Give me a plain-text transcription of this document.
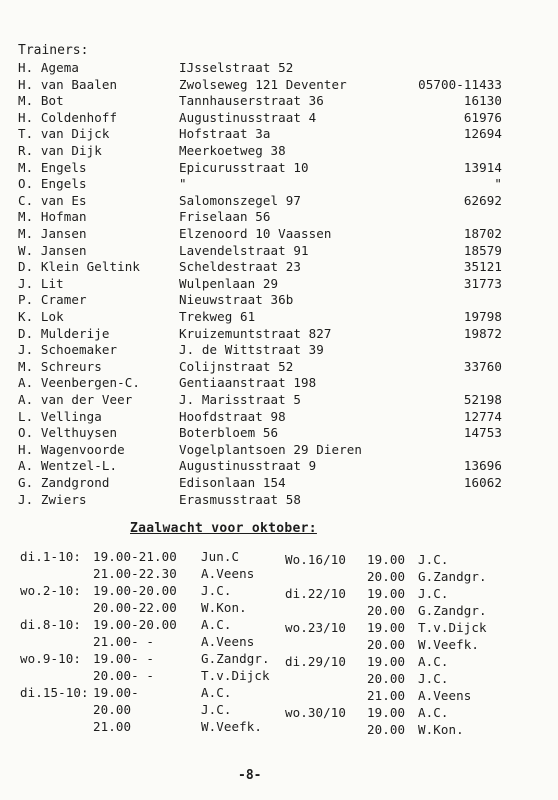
Trainers:
H. Agema	IJsselstraat 52
H. van Baalen	Zwolseweg 121 Deventer	05700-11433
M. Bot	Tannhauserstraat 36	16130
H. Coldenhoff	Augustinusstraat 4	61976
T. van Dijck	Hofstraat 3a	12694
R. van Dijk	Meerkoetweg 38
M. Engels	Epicurusstraat 10	13914
O. Engels	"	"
C. van Es	Salomonszegel 97	62692
M. Hofman	Friselaan 56
M. Jansen	Elzenoord 10 Vaassen	18702
W. Jansen	Lavendelstraat 91	18579
D. Klein Geltink	Scheldestraat 23	35121
J. Lit	Wulpenlaan 29	31773
P. Cramer	Nieuwstraat 36b
K. Lok	Trekweg 61	19798
D. Mulderije	Kruizemuntstraat 827	19872
J. Schoemaker	J. de Wittstraat 39
M. Schreurs	Colijnstraat 52	33760
A. Veenbergen-C.	Gentiaanstraat 198
A. van der Veer	J. Marisstraat 5	52198
L. Vellinga	Hoofdstraat 98	12774
O. Velthuysen	Boterbloem 56	14753
H. Wagenvoorde	Vogelplantsoen 29 Dieren
A. Wentzel-L.	Augustinusstraat 9	13696
G. Zandgrond	Edisonlaan 154	16062
J. Zwiers	Erasmusstraat 58
Zaalwacht voor oktober:
di.1-10: 19.00-21.00 Jun.C
21.00-22.30 A.Veens
wo.2-10: 19.00-20.00 J.C.
20.00-22.00 W.Kon.
di.8-10: 19.00-20.00 A.C.
21.00- -	A.Veens
wo.9-10: 19.00- -	G.Zandgr.
20.00- -	T.v.Dijck
di.15-10: 19.00-	A.C.
20.00	J.C.
21.00	W.Veefk.
Wo.16/10 19.00 J.C.
20.00 G.Zandgr.
di.22/10 19.00 J.C.
20.00 G.Zandgr.
wo.23/10 19.00 T.v.Dijck
20.00 W.Veefk.
di.29/10 19.00 A.C.
20.00 J.C.
21.00 A.Veens
wo.30/10 19.00 A.C.
20.00 W.Kon.
-8-
